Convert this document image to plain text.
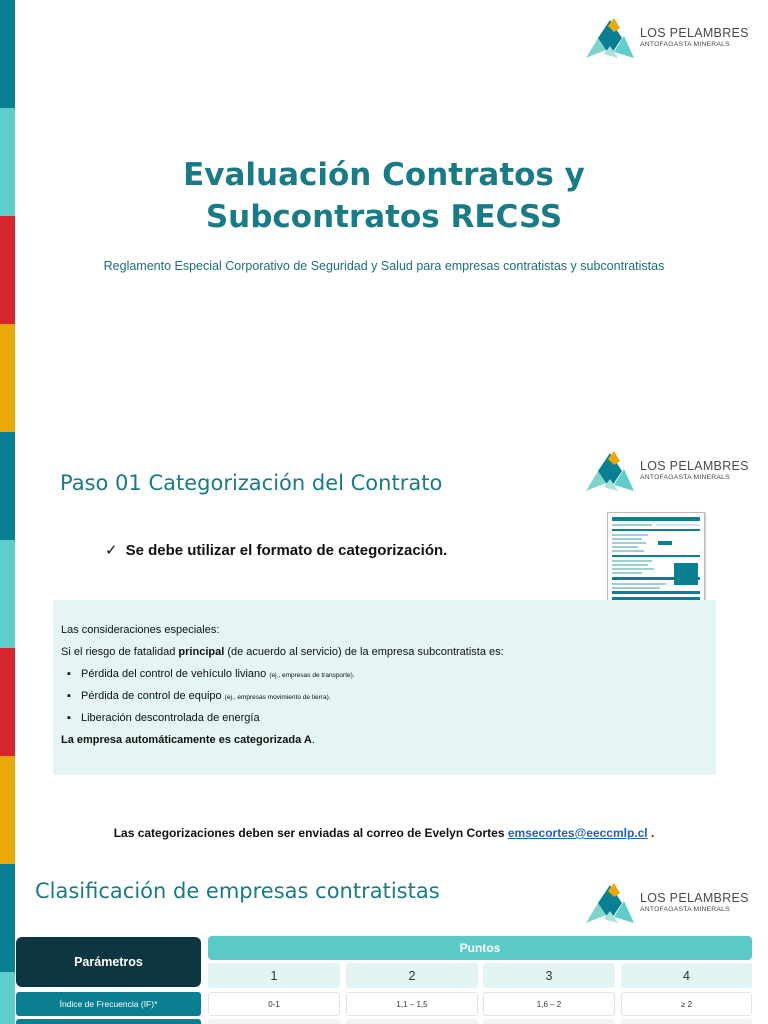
LOS PELAMBRES
ANTOFAGASTA MINERALS
Evaluación Contratos y
Subcontratos RECSS
Reglamento Especial Corporativo de Seguridad y Salud para empresas contratistas y subcontratistas
LOS PELAMBRES
ANTOFAGASTA MINERALS
Paso 01 Categorización del Contrato
✓ Se debe utilizar el formato de categorización.
Las consideraciones especiales:
Si el riesgo de fatalidad principal (de acuerdo al servicio) de la empresa subcontratista es:
▪ Pérdida del control de vehículo liviano (ej., empresas de transporte).
▪ Pérdida de control de equipo (ej., empresas movimiento de tierra).
▪ Liberación descontrolada de energía
La empresa automáticamente es categorizada A.
Las categorizaciones deben ser enviadas al correo de Evelyn Cortes emsecortes@eeccmlp.cl .
LOS PELAMBRES
ANTOFAGASTA MINERALS
Clasificación de empresas contratistas
Parámetros
Puntos
1	2	3	4
Índice de Frecuencia (IF)*	0-1	1,1 – 1,5	1,6 – 2	≥ 2
